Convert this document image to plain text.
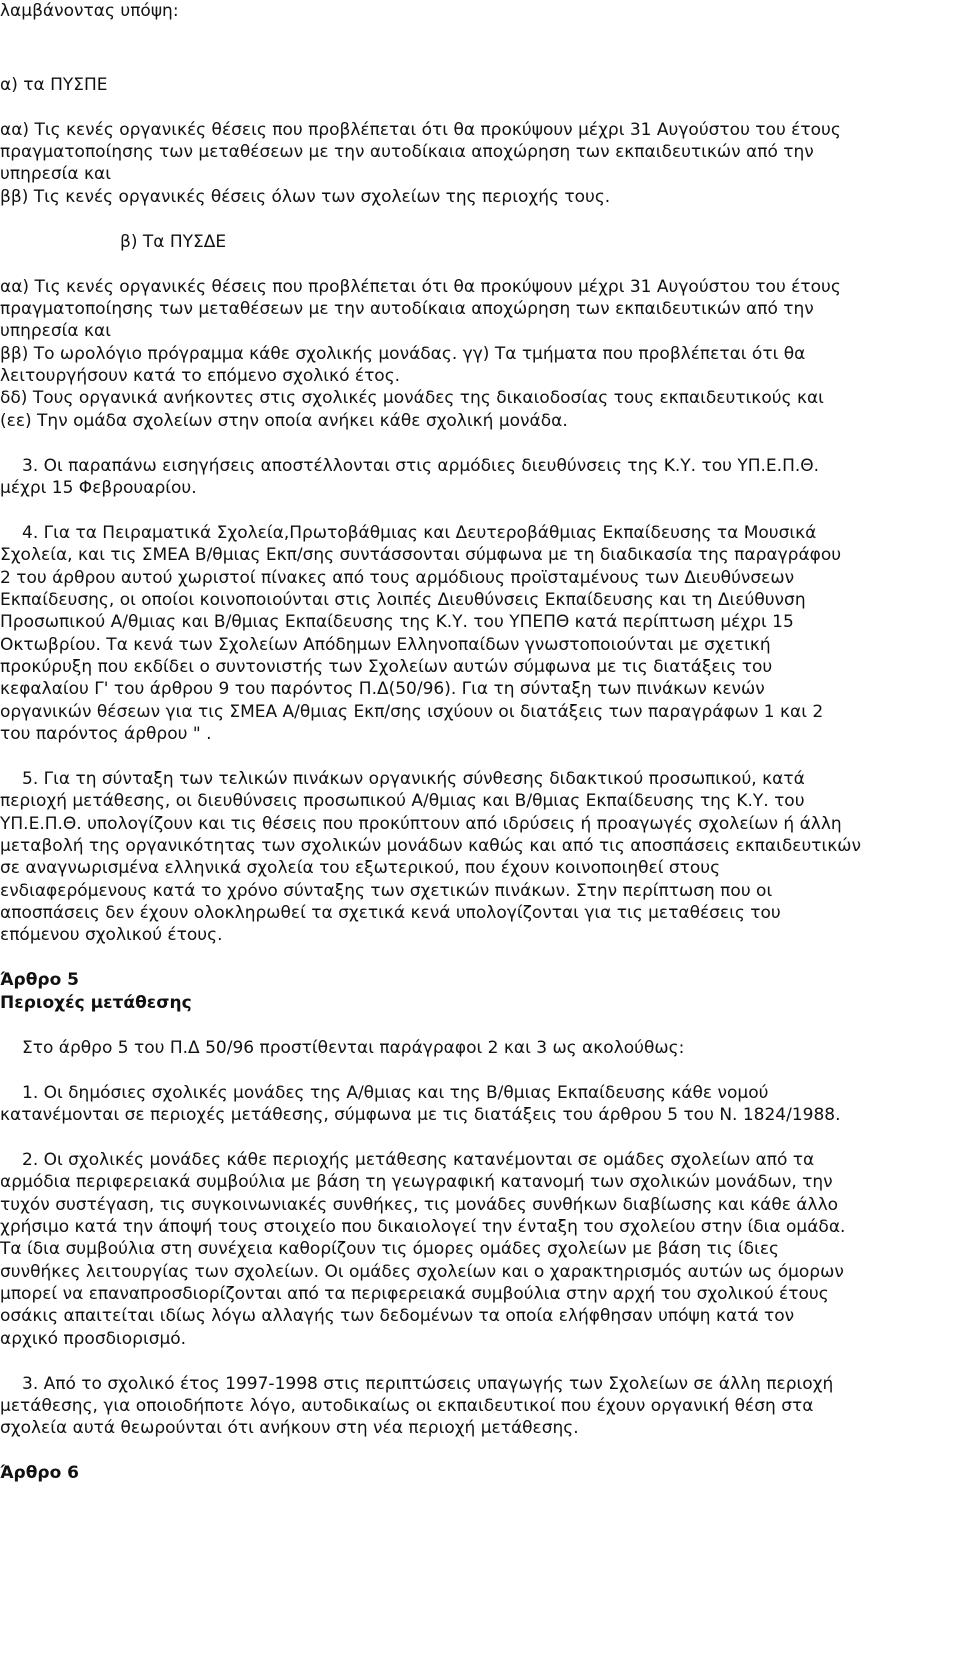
λαμβάνοντας υπόψη:
α) τα ΠΥΣΠΕ
αα) Τις κενές οργανικές θέσεις που προβλέπεται ότι θα προκύψουν μέχρι 31 Αυγούστου του έτους
πραγματοποίησης των μεταθέσεων με την αυτοδίκαια αποχώρηση των εκπαιδευτικών από την
υπηρεσία και
ββ) Τις κενές οργανικές θέσεις όλων των σχολείων της περιοχής τους.
β) Τα ΠΥΣΔΕ
αα) Τις κενές οργανικές θέσεις που προβλέπεται ότι θα προκύψουν μέχρι 31 Αυγούστου του έτους
πραγματοποίησης των μεταθέσεων με την αυτοδίκαια αποχώρηση των εκπαιδευτικών από την
υπηρεσία και
ββ) Το ωρολόγιο πρόγραμμα κάθε σχολικής μονάδας. γγ) Τα τμήματα που προβλέπεται ότι θα
λειτουργήσουν κατά το επόμενο σχολικό έτος.
δδ) Τους οργανικά ανήκοντες στις σχολικές μονάδες της δικαιοδοσίας τους εκπαιδευτικούς και
(εε) Την ομάδα σχολείων στην οποία ανήκει κάθε σχολική μονάδα.
3. Οι παραπάνω εισηγήσεις αποστέλλονται στις αρμόδιες διευθύνσεις της Κ.Υ. του ΥΠ.Ε.Π.Θ.
μέχρι 15 Φεβρουαρίου.
4. Για τα Πειραματικά Σχολεία,Πρωτοβάθμιας και Δευτεροβάθμιας Εκπαίδευσης τα Μουσικά
Σχολεία, και τις ΣΜΕΑ Β/θμιας Εκπ/σης συντάσσονται σύμφωνα με τη διαδικασία της παραγράφου
2 του άρθρου αυτού χωριστοί πίνακες από τους αρμόδιους προϊσταμένους των Διευθύνσεων
Εκπαίδευσης, οι οποίοι κοινοποιούνται στις λοιπές Διευθύνσεις Εκπαίδευσης και τη Διεύθυνση
Προσωπικού Α/θμιας και Β/θμιας Εκπαίδευσης της Κ.Υ. του ΥΠΕΠΘ κατά περίπτωση μέχρι 15
Οκτωβρίου. Τα κενά των Σχολείων Απόδημων Ελληνοπαίδων γνωστοποιούνται με σχετική
προκύρυξη που εκδίδει ο συντονιστής των Σχολείων αυτών σύμφωνα με τις διατάξεις του
κεφαλαίου Γ' του άρθρου 9 του παρόντος Π.Δ(50/96). Για τη σύνταξη των πινάκων κενών
οργανικών θέσεων για τις ΣΜΕΑ Α/θμιας Εκπ/σης ισχύουν οι διατάξεις των παραγράφων 1 και 2
του παρόντος άρθρου " .
5. Για τη σύνταξη των τελικών πινάκων οργανικής σύνθεσης διδακτικού προσωπικού, κατά
περιοχή μετάθεσης, οι διευθύνσεις προσωπικού Α/θμιας και Β/θμιας Εκπαίδευσης της Κ.Υ. του
ΥΠ.Ε.Π.Θ. υπολογίζουν και τις θέσεις που προκύπτουν από ιδρύσεις ή προαγωγές σχολείων ή άλλη
μεταβολή της οργανικότητας των σχολικών μονάδων καθώς και από τις αποσπάσεις εκπαιδευτικών
σε αναγνωρισμένα ελληνικά σχολεία του εξωτερικού, που έχουν κοινοποιηθεί στους
ενδιαφερόμενους κατά το χρόνο σύνταξης των σχετικών πινάκων. Στην περίπτωση που οι
αποσπάσεις δεν έχουν ολοκληρωθεί τα σχετικά κενά υπολογίζονται για τις μεταθέσεις του
επόμενου σχολικού έτους.
Άρθρο 5
Περιοχές μετάθεσης
Στο άρθρο 5 του Π.Δ 50/96 προστίθενται παράγραφοι 2 και 3 ως ακολούθως:
1. Οι δημόσιες σχολικές μονάδες της Α/θμιας και της Β/θμιας Εκπαίδευσης κάθε νομού
κατανέμονται σε περιοχές μετάθεσης, σύμφωνα με τις διατάξεις του άρθρου 5 του Ν. 1824/1988.
2. Οι σχολικές μονάδες κάθε περιοχής μετάθεσης κατανέμονται σε ομάδες σχολείων από τα
αρμόδια περιφερειακά συμβούλια με βάση τη γεωγραφική κατανομή των σχολικών μονάδων, την
τυχόν συστέγαση, τις συγκοινωνιακές συνθήκες, τις μονάδες συνθήκων διαβίωσης και κάθε άλλο
χρήσιμο κατά την άποψή τους στοιχείο που δικαιολογεί την ένταξη του σχολείου στην ίδια ομάδα.
Τα ίδια συμβούλια στη συνέχεια καθορίζουν τις όμορες ομάδες σχολείων με βάση τις ίδιες
συνθήκες λειτουργίας των σχολείων. Οι ομάδες σχολείων και ο χαρακτηρισμός αυτών ως όμορων
μπορεί να επαναπροσδιορίζονται από τα περιφερειακά συμβούλια στην αρχή του σχολικού έτους
οσάκις απαιτείται ιδίως λόγω αλλαγής των δεδομένων τα οποία ελήφθησαν υπόψη κατά τον
αρχικό προσδιορισμό.
3. Από το σχολικό έτος 1997-1998 στις περιπτώσεις υπαγωγής των Σχολείων σε άλλη περιοχή
μετάθεσης, για οποιοδήποτε λόγο, αυτοδικαίως οι εκπαιδευτικοί που έχουν οργανική θέση στα
σχολεία αυτά θεωρούνται ότι ανήκουν στη νέα περιοχή μετάθεσης.
Άρθρο 6
